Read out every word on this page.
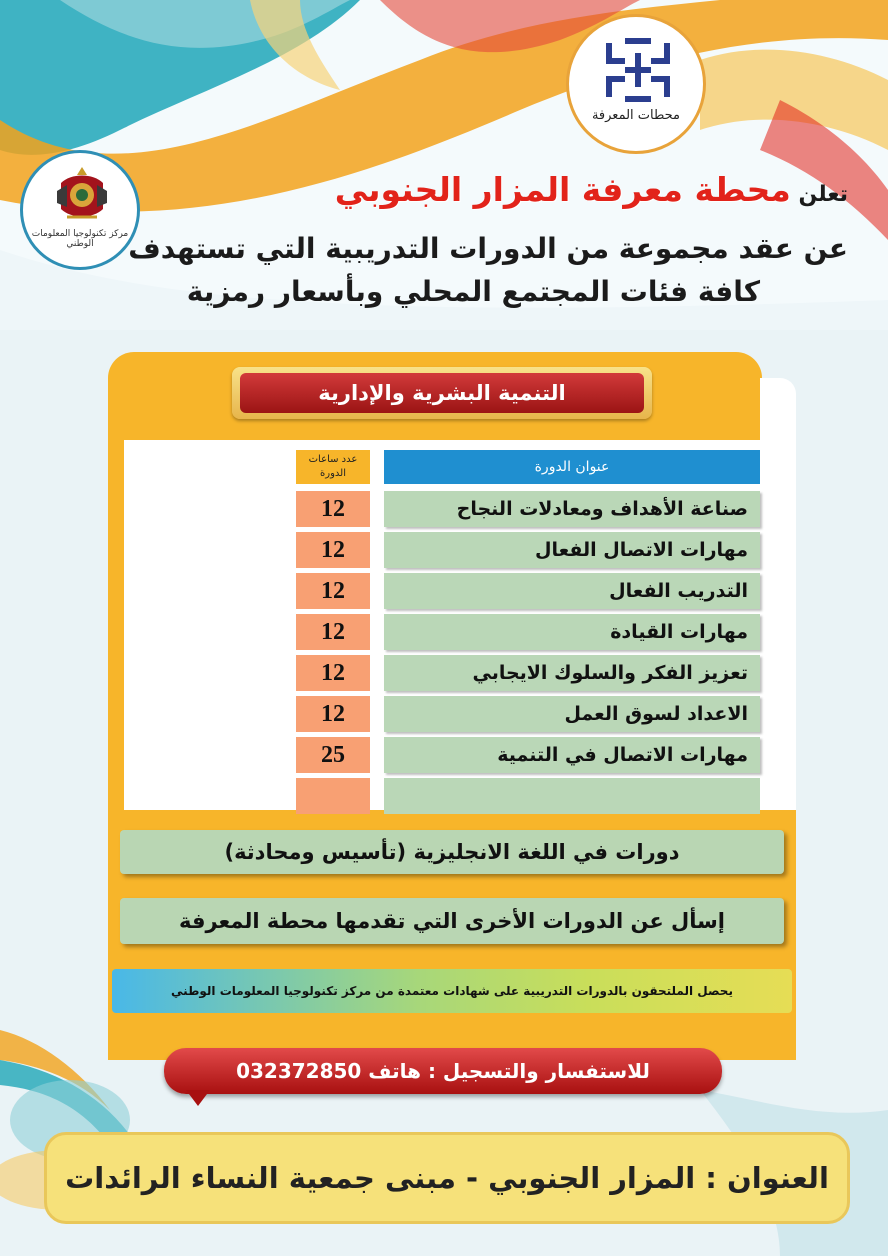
محطات المعرفة
مركز تكنولوجيا المعلومات الوطني
تعلن محطة معرفة المزار الجنوبي
عن عقد مجموعة من الدورات التدريبية التي تستهدف
كافة فئات المجتمع المحلي وبأسعار رمزية
التنمية البشرية والإدارية
عنوان الدورة
عدد ساعات الدورة
صناعة الأهداف ومعادلات النجاح
12
مهارات الاتصال الفعال
12
التدريب الفعال
12
مهارات القيادة
12
تعزيز الفكر والسلوك الايجابي
12
الاعداد لسوق العمل
12
مهارات الاتصال في التنمية
25
دورات في اللغة الانجليزية (تأسيس ومحادثة)
إسأل عن الدورات الأخرى التي تقدمها محطة المعرفة
يحصل الملتحقون بالدورات التدريبية على شهادات معتمدة من مركز تكنولوجيا المعلومات الوطني
للاستفسار والتسجيل : هاتف 032372850
العنوان : المزار الجنوبي - مبنى جمعية النساء الرائدات
